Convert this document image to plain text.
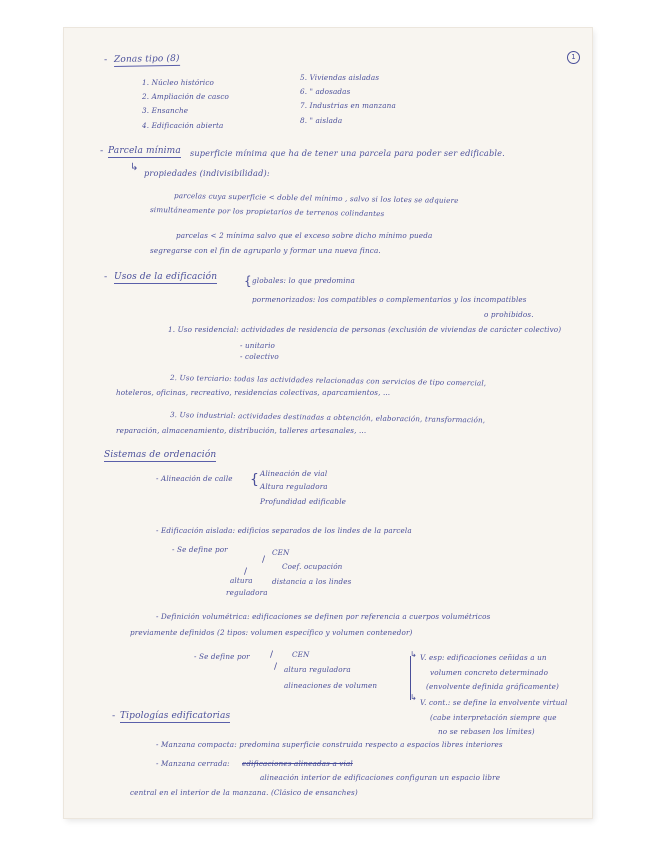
1
- Zonas tipo (8)
1. Núcleo histórico
2. Ampliación de casco
3. Ensanche
4. Edificación abierta
5. Viviendas aisladas
6. " adosadas
7. Industrias en manzana
8. " aislada
- Parcela mínima superficie mínima que ha de tener una parcela para poder ser edificable.
↳ propiedades (indivisibilidad):
parcelas cuya superficie < doble del mínimo , salvo si los lotes se adquiere
simultáneamente por los propietarios de terrenos colindantes
parcelas < 2 mínima salvo que el exceso sobre dicho mínimo pueda
segregarse con el fin de agruparlo y formar una nueva finca.
- Usos de la edificación { globales: lo que predomina
pormenorizados: los compatibles o complementarios y los incompatibles
o prohibidos.
1. Uso residencial: actividades de residencia de personas (exclusión de viviendas de carácter colectivo)
- unitario
- colectivo
2. Uso terciario: todas las actividades relacionadas con servicios de tipo comercial,
hoteleros, oficinas, recreativo, residencias colectivas, aparcamientos, ...
3. Uso industrial: actividades destinadas a obtención, elaboración, transformación,
reparación, almacenamiento, distribución, talleres artesanales, ...
Sistemas de ordenación
- Alineación de calle { Alineación de vial
Altura reguladora
Profundidad edificable
- Edificación aislada: edificios separados de los lindes de la parcela
- Se define por	CEN
Coef. ocupación
distancia a los lindes
/
/
altura
reguladora
- Definición volumétrica: edificaciones se definen por referencia a cuerpos volumétricos
previamente definidos (2 tipos: volumen específico y volumen contenedor)
- Se define por	CEN
altura reguladora
alineaciones de volumen
/
/
↳
↳
V. esp: edificaciones ceñidas a un
volumen concreto determinado
(envolvente definida gráficamente)
V. cont.: se define la envolvente virtual
(cabe interpretación siempre que
no se rebasen los límites)
- Tipologías edificatorias
- Manzana compacta: predomina superficie construida respecto a espacios libres interiores
- Manzana cerrada: edificaciones alineadas a vial
alineación interior de edificaciones configuran un espacio libre
central en el interior de la manzana. (Clásico de ensanches)
